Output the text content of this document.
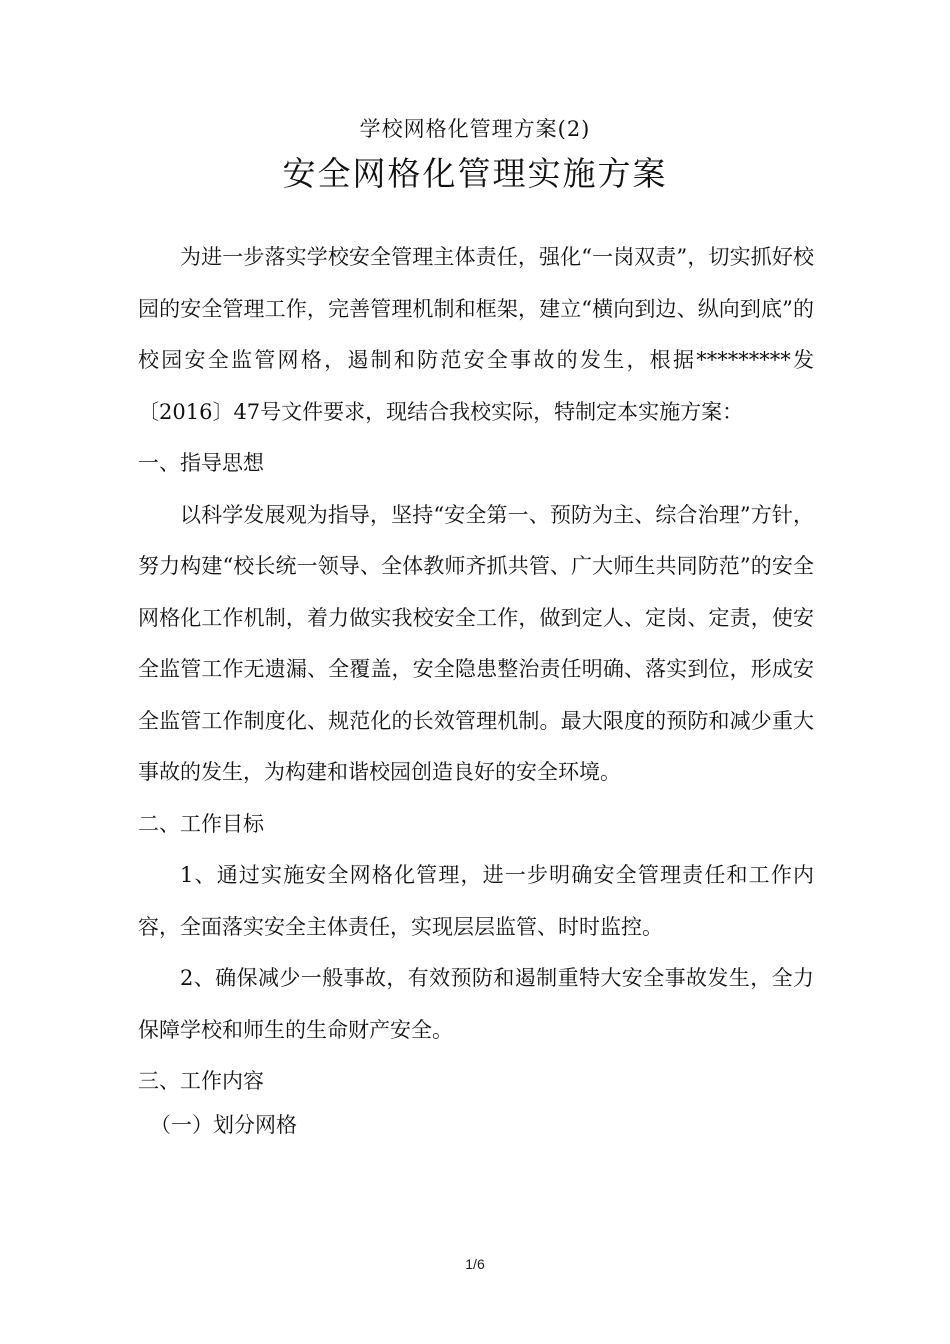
学校网格化管理方案(2)
安全网格化管理实施方案

为进一步落实学校安全管理主体责任，强化“一岗双责”，切实抓好校园的安全管理工作，完善管理机制和框架，建立“横向到边、纵向到底”的校园安全监管网格，遏制和防范安全事故的发生，根据*********发〔2016〕47号文件要求，现结合我校实际，特制定本实施方案：

一、指导思想

以科学发展观为指导，坚持“安全第一、预防为主、综合治理”方针，努力构建“校长统一领导、全体教师齐抓共管、广大师生共同防范”的安全网格化工作机制，着力做实我校安全工作，做到定人、定岗、定责，使安全监管工作无遗漏、全覆盖，安全隐患整治责任明确、落实到位，形成安全监管工作制度化、规范化的长效管理机制。最大限度的预防和减少重大事故的发生，为构建和谐校园创造良好的安全环境。

二、工作目标

1、通过实施安全网格化管理，进一步明确安全管理责任和工作内容，全面落实安全主体责任，实现层层监管、时时监控。

2、确保减少一般事故，有效预防和遏制重特大安全事故发生，全力保障学校和师生的生命财产安全。

三、工作内容

（一）划分网格

1/6
